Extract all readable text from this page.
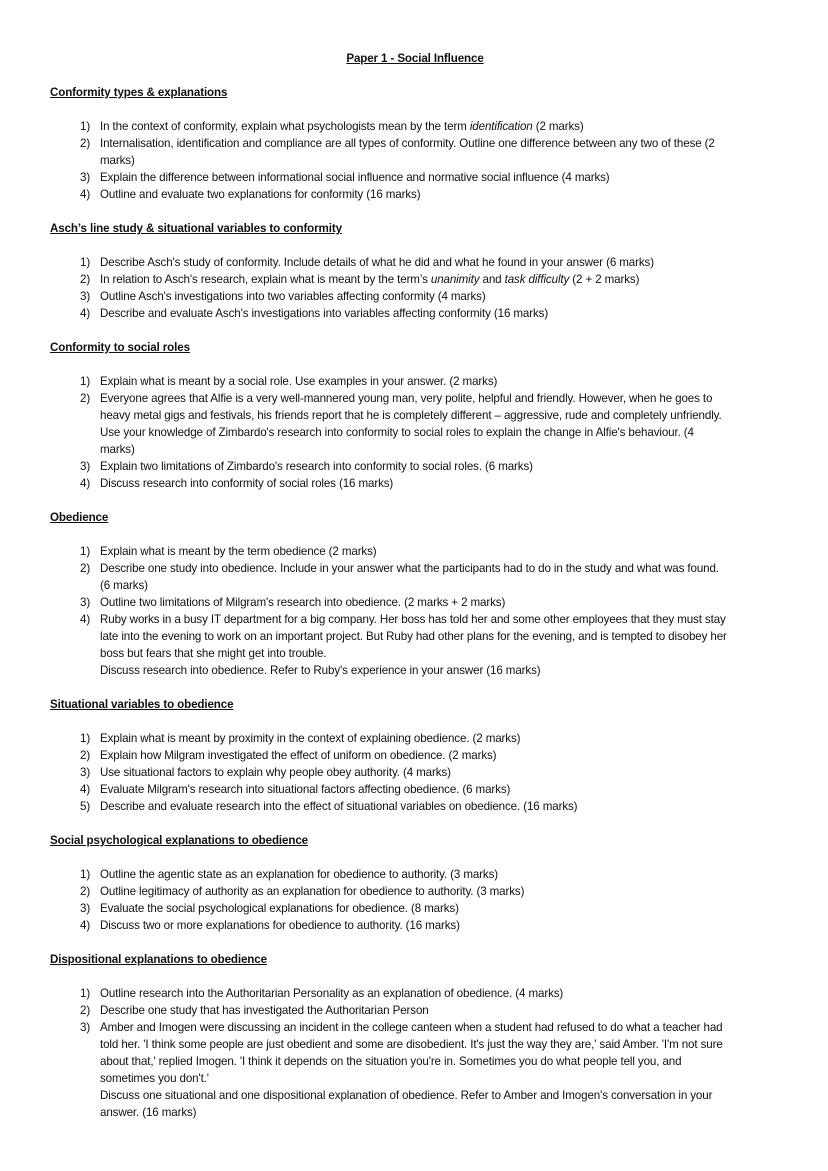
Paper 1 - Social Influence
Conformity types & explanations
1) In the context of conformity, explain what psychologists mean by the term identification (2 marks)
2) Internalisation, identification and compliance are all types of conformity. Outline one difference between any two of these (2 marks)
3) Explain the difference between informational social influence and normative social influence (4 marks)
4) Outline and evaluate two explanations for conformity (16 marks)
Asch’s line study & situational variables to conformity
1) Describe Asch's study of conformity. Include details of what he did and what he found in your answer (6 marks)
2) In relation to Asch's research, explain what is meant by the term’s unanimity and task difficulty (2 + 2 marks)
3) Outline Asch's investigations into two variables affecting conformity (4 marks)
4) Describe and evaluate Asch's investigations into variables affecting conformity (16 marks)
Conformity to social roles
1) Explain what is meant by a social role. Use examples in your answer. (2 marks)
2) Everyone agrees that Alfie is a very well-mannered young man, very polite, helpful and friendly. However, when he goes to heavy metal gigs and festivals, his friends report that he is completely different – aggressive, rude and completely unfriendly. Use your knowledge of Zimbardo's research into conformity to social roles to explain the change in Alfie's behaviour. (4 marks)
3) Explain two limitations of Zimbardo's research into conformity to social roles. (6 marks)
4) Discuss research into conformity of social roles (16 marks)
Obedience
1) Explain what is meant by the term obedience (2 marks)
2) Describe one study into obedience. Include in your answer what the participants had to do in the study and what was found. (6 marks)
3) Outline two limitations of Milgram's research into obedience. (2 marks + 2 marks)
4) Ruby works in a busy IT department for a big company. Her boss has told her and some other employees that they must stay late into the evening to work on an important project. But Ruby had other plans for the evening, and is tempted to disobey her boss but fears that she might get into trouble.
Discuss research into obedience. Refer to Ruby's experience in your answer (16 marks)
Situational variables to obedience
1) Explain what is meant by proximity in the context of explaining obedience. (2 marks)
2) Explain how Milgram investigated the effect of uniform on obedience. (2 marks)
3) Use situational factors to explain why people obey authority. (4 marks)
4) Evaluate Milgram's research into situational factors affecting obedience. (6 marks)
5) Describe and evaluate research into the effect of situational variables on obedience. (16 marks)
Social psychological explanations to obedience
1) Outline the agentic state as an explanation for obedience to authority. (3 marks)
2) Outline legitimacy of authority as an explanation for obedience to authority. (3 marks)
3) Evaluate the social psychological explanations for obedience. (8 marks)
4) Discuss two or more explanations for obedience to authority. (16 marks)
Dispositional explanations to obedience
1) Outline research into the Authoritarian Personality as an explanation of obedience. (4 marks)
2) Describe one study that has investigated the Authoritarian Person
3) Amber and Imogen were discussing an incident in the college canteen when a student had refused to do what a teacher had told her. 'I think some people are just obedient and some are disobedient. It's just the way they are,' said Amber. 'I'm not sure about that,' replied Imogen. 'I think it depends on the situation you're in. Sometimes you do what people tell you, and sometimes you don't.'
Discuss one situational and one dispositional explanation of obedience. Refer to Amber and Imogen's conversation in your answer. (16 marks)
